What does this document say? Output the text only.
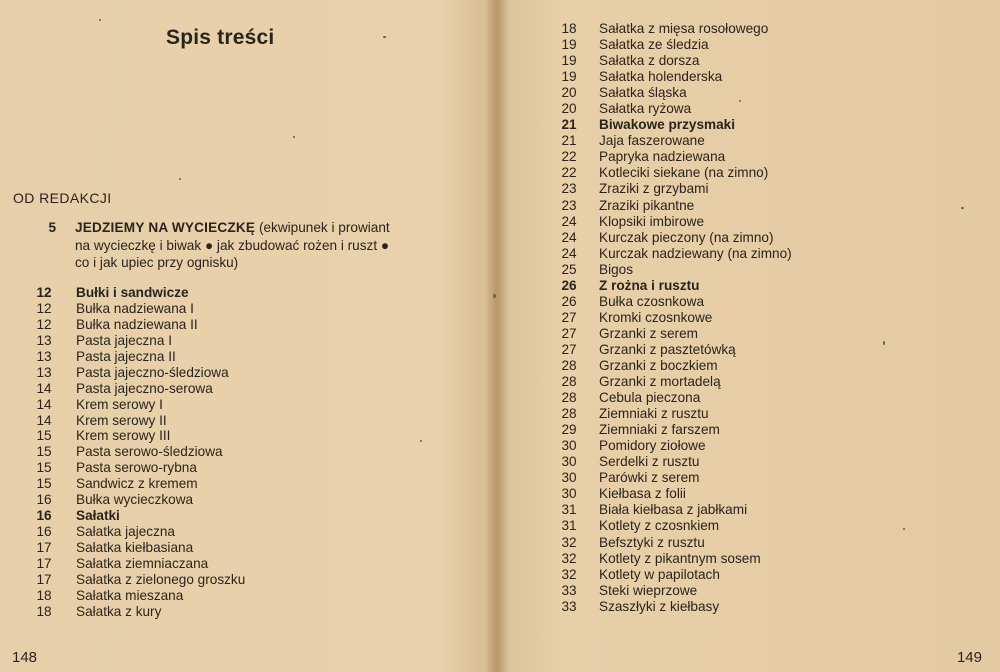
Spis treści
OD REDAKCJI
5 JEDZIEMY NA WYCIECZKĘ (ekwipunek i prowiant
na wycieczkę i biwak ● jak zbudować rożen i ruszt ●
co i jak upiec przy ognisku)
12	Bułki i sandwicze
12	Bułka nadziewana I
12	Bułka nadziewana II
13	Pasta jajeczna I
13	Pasta jajeczna II
13	Pasta jajeczno-śledziowa
14	Pasta jajeczno-serowa
14	Krem serowy I
14	Krem serowy II
15	Krem serowy III
15	Pasta serowo-śledziowa
15	Pasta serowo-rybna
15	Sandwicz z kremem
16	Bułka wycieczkowa
16	Sałatki
16	Sałatka jajeczna
17	Sałatka kiełbasiana
17	Sałatka ziemniaczana
17	Sałatka z zielonego groszku
18	Sałatka mieszana
18	Sałatka z kury
148	149
18	Sałatka z mięsa rosołowego
19	Sałatka ze śledzia
19	Sałatka z dorsza
19	Sałatka holenderska
20	Sałatka śląska
20	Sałatka ryżowa
21	Biwakowe przysmaki
21	Jaja faszerowane
22	Papryka nadziewana
22	Kotleciki siekane (na zimno)
23	Zraziki z grzybami
23	Zraziki pikantne
24	Klopsiki imbirowe
24	Kurczak pieczony (na zimno)
24	Kurczak nadziewany (na zimno)
25	Bigos
26	Z rożna i rusztu
26	Bułka czosnkowa
27	Kromki czosnkowe
27	Grzanki z serem
27	Grzanki z pasztetówką
28	Grzanki z boczkiem
28	Grzanki z mortadelą
28	Cebula pieczona
28	Ziemniaki z rusztu
29	Ziemniaki z farszem
30	Pomidory ziołowe
30	Serdelki z rusztu
30	Parówki z serem
30	Kiełbasa z folii
31	Biała kiełbasa z jabłkami
31	Kotlety z czosnkiem
32	Befsztyki z rusztu
32	Kotlety z pikantnym sosem
32	Kotlety w papilotach
33	Steki wieprzowe
33	Szaszłyki z kiełbasy
